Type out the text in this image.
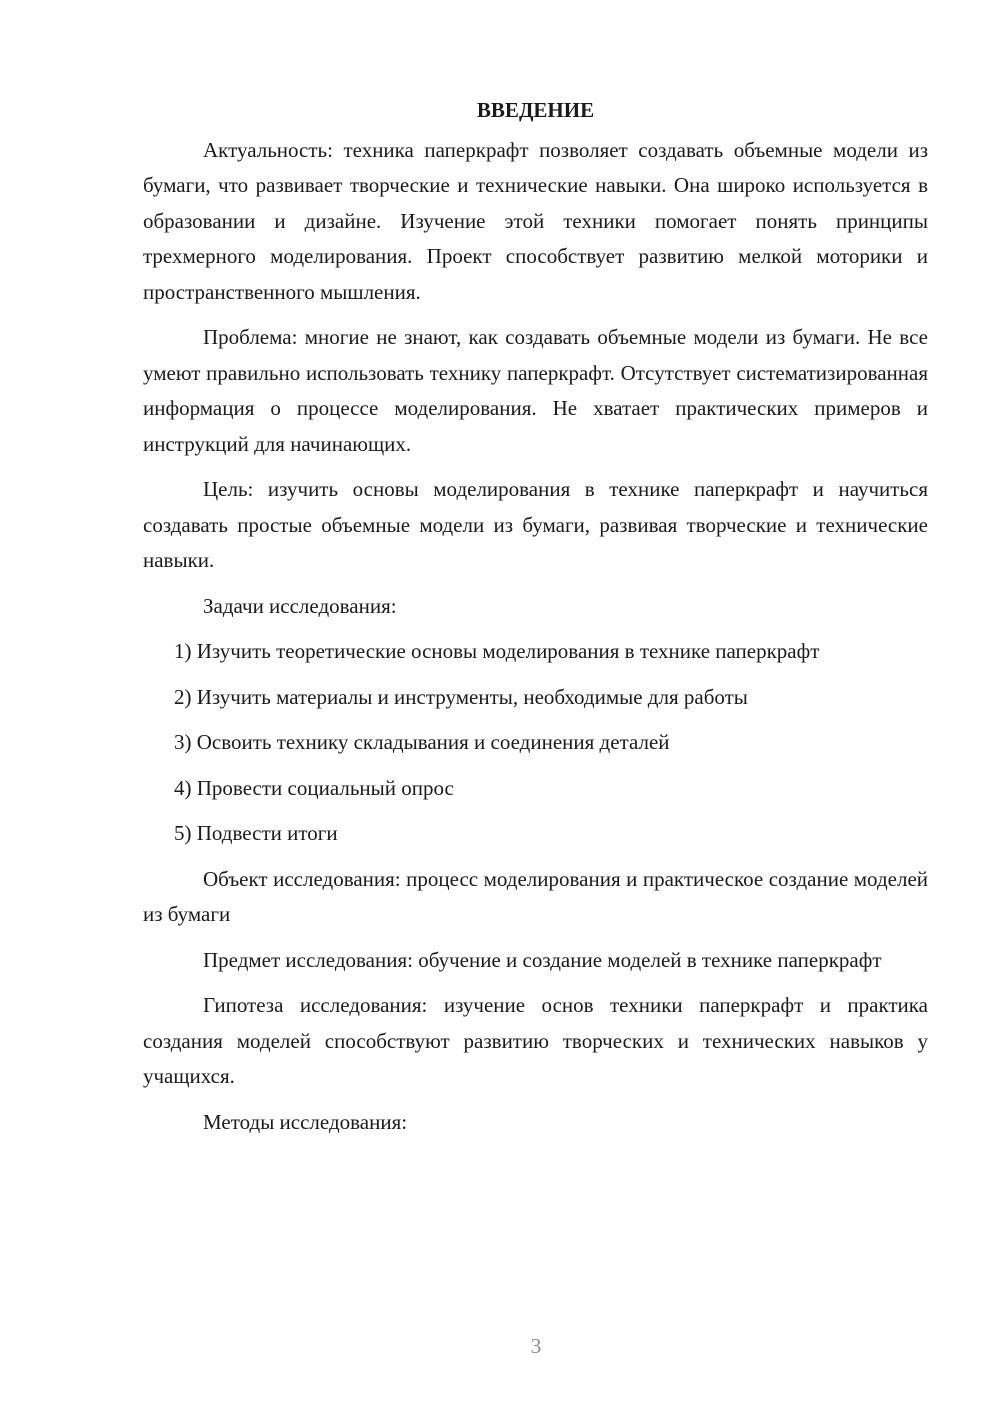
ВВЕДЕНИЕ

Актуальность: техника паперкрафт позволяет создавать объемные модели из бумаги, что развивает творческие и технические навыки. Она широко используется в образовании и дизайне. Изучение этой техники помогает понять принципы трехмерного моделирования. Проект способствует развитию мелкой моторики и пространственного мышления.

Проблема: многие не знают, как создавать объемные модели из бумаги. Не все умеют правильно использовать технику паперкрафт. Отсутствует систематизированная информация о процессе моделирования. Не хватает практических примеров и инструкций для начинающих.

Цель: изучить основы моделирования в технике паперкрафт и научиться создавать простые объемные модели из бумаги, развивая творческие и технические навыки.

Задачи исследования:

1) Изучить теоретические основы моделирования в технике паперкрафт

2) Изучить материалы и инструменты, необходимые для работы

3) Освоить технику складывания и соединения деталей

4) Провести социальный опрос

5) Подвести итоги

Объект исследования: процесс моделирования и практическое создание моделей из бумаги

Предмет исследования: обучение и создание моделей в технике паперкрафт

Гипотеза исследования: изучение основ техники паперкрафт и практика создания моделей способствуют развитию творческих и технических навыков у учащихся.

Методы исследования:

3
